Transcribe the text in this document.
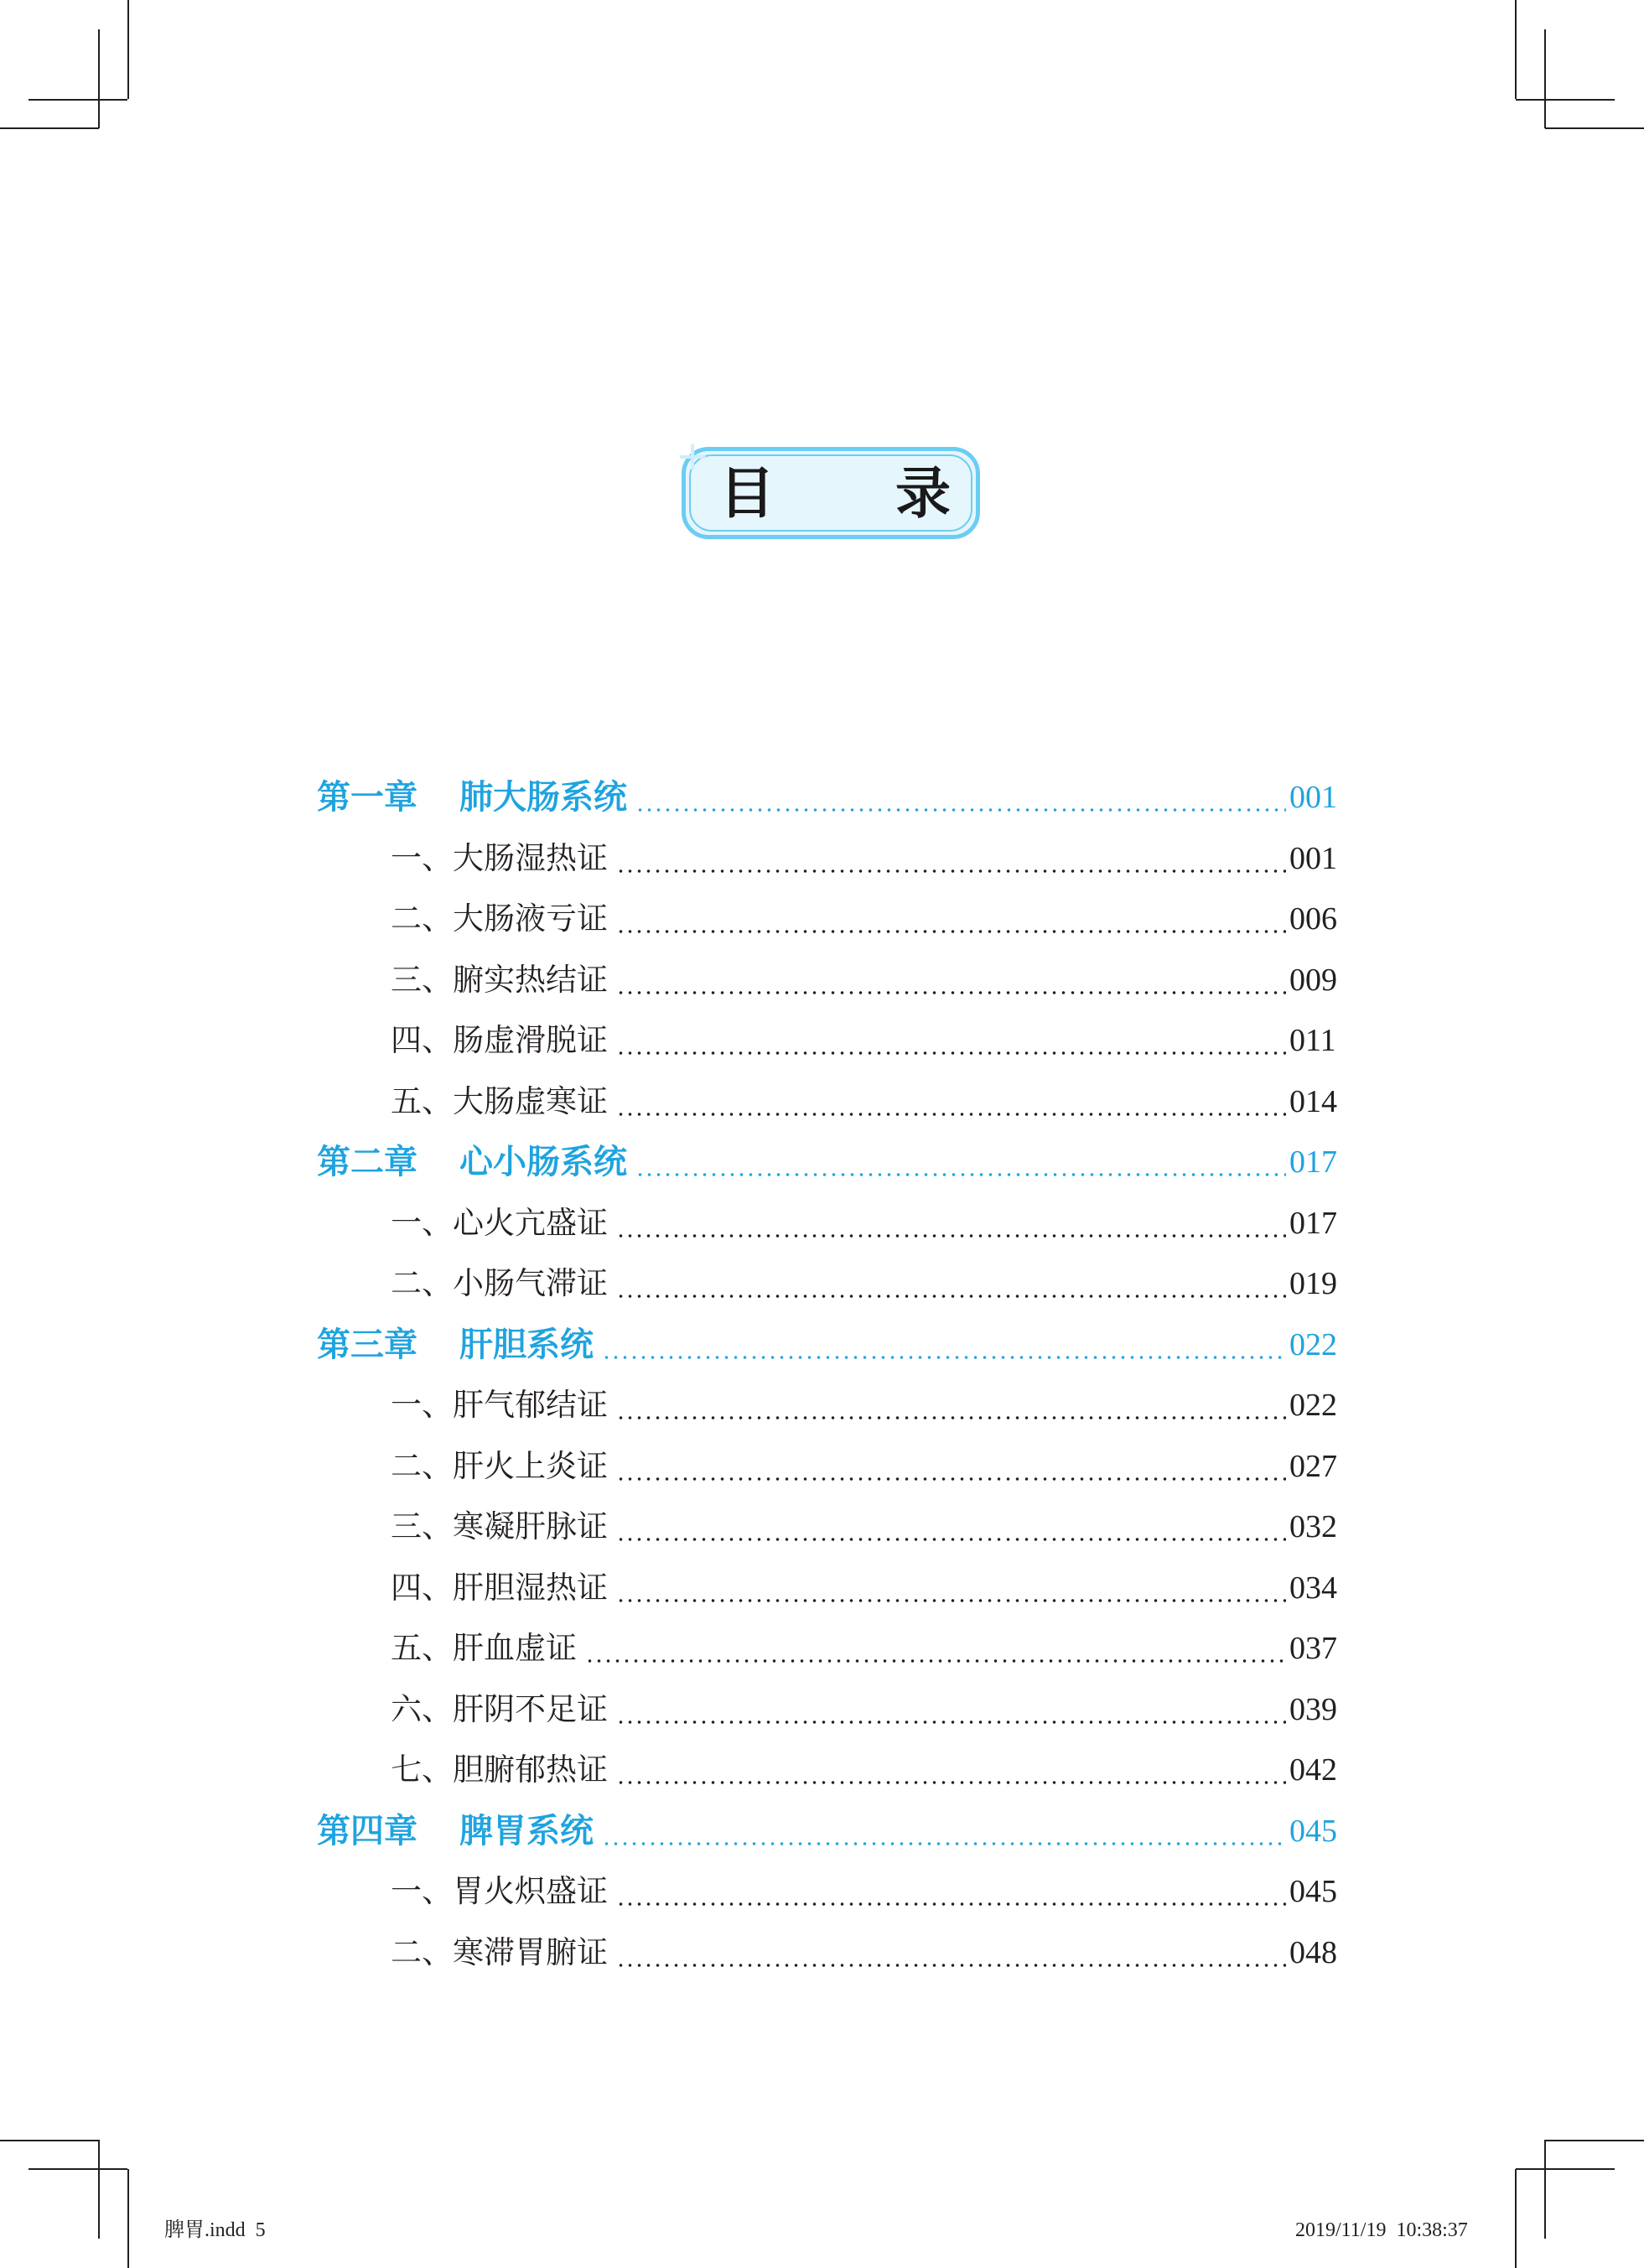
+
目 录
第一章 肺大肠系统	001
一、大肠湿热证	001
二、大肠液亏证	006
三、腑实热结证	009
四、肠虚滑脱证	011
五、大肠虚寒证	014
第二章 心小肠系统	017
一、心火亢盛证	017
二、小肠气滞证	019
第三章 肝胆系统	022
一、肝气郁结证	022
二、肝火上炎证	027
三、寒凝肝脉证	032
四、肝胆湿热证	034
五、肝血虚证	037
六、肝阴不足证	039
七、胆腑郁热证	042
第四章 脾胃系统	045
一、胃火炽盛证	045
二、寒滞胃腑证	048
脾胃.indd 5	2019/11/19 10:38:37
